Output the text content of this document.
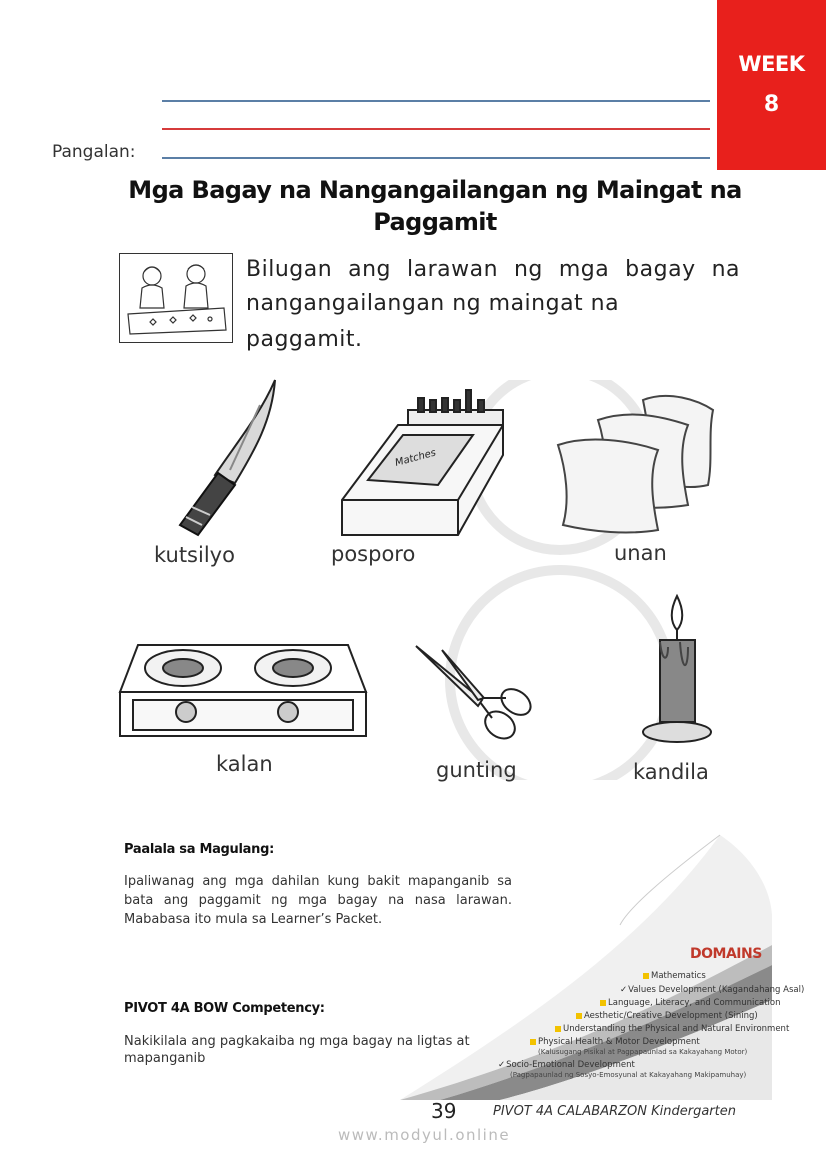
WEEK
8
Pangalan:
Mga Bagay na Nangangailangan ng Maingat na Paggamit
Bilugan ang larawan ng mga bagay na
nangangailangan ng maingat na paggamit.
kutsilyo
Matches
posporo	unan
kalan	gunting	kandila
Paalala sa Magulang:
Ipaliwanag ang mga dahilan kung bakit mapanganib sa bata ang paggamit ng mga bagay na nasa larawan. Mababasa ito mula sa Learner’s Packet.
PIVOT 4A BOW Competency:
Nakikilala ang pagkakaiba ng mga bagay na ligtas at mapanganib
DOMAINS
Mathematics
✓Values Development (Kagandahang Asal)
Language, Literacy, and Communication
Aesthetic/Creative Development (Sining)
Understanding the Physical and Natural Environment
Physical Health & Motor Development
(Kalusugang Pisikal at Pagpapaunlad sa Kakayahang Motor)
✓Socio-Emotional Development
(Pagpapaunlad ng Sosyo-Emosyunal at Kakayahang Makipamuhay)
39	PIVOT 4A CALABARZON Kindergarten
www.modyul.online
